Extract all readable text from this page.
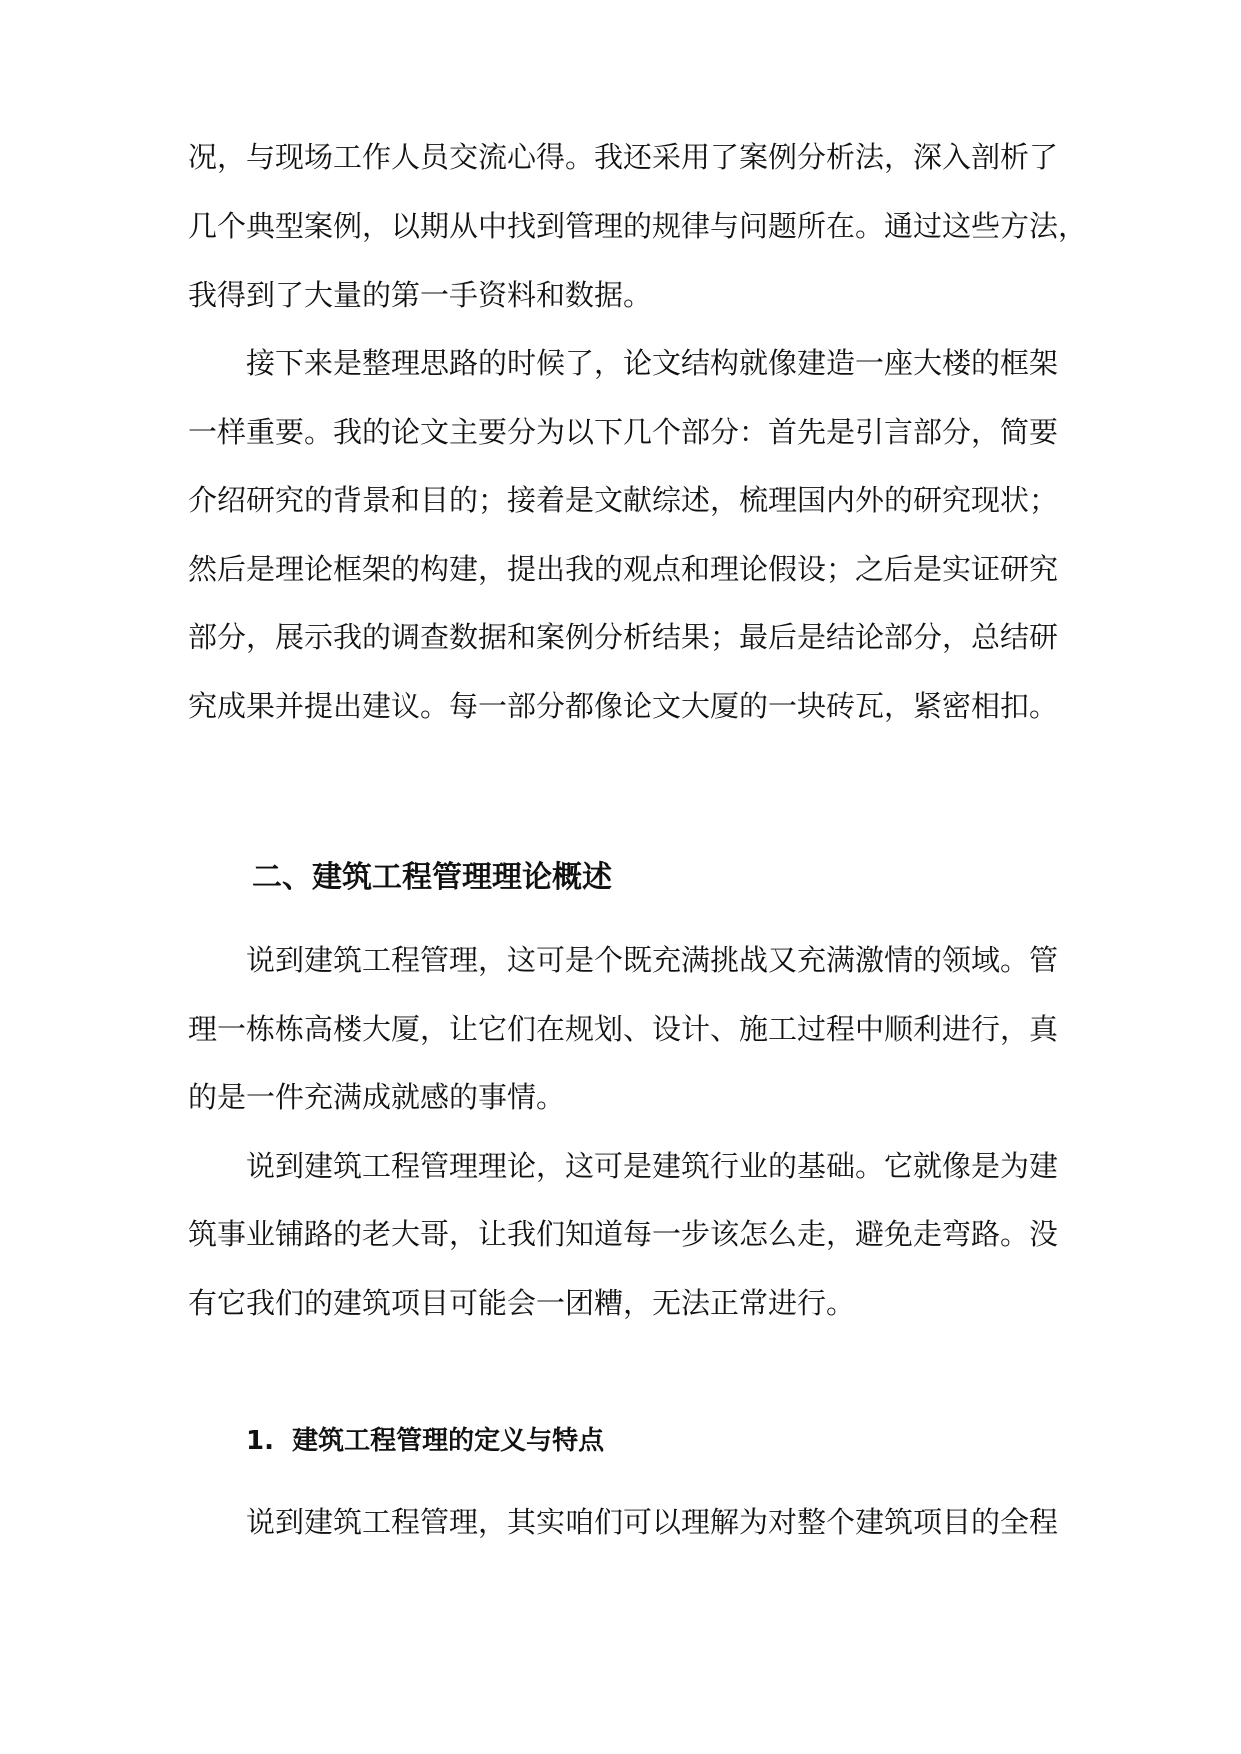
况，与现场工作人员交流心得。我还采用了案例分析法，深入剖析了
几个典型案例，以期从中找到管理的规律与问题所在。通过这些方法，
我得到了大量的第一手资料和数据。
接下来是整理思路的时候了，论文结构就像建造一座大楼的框架
一样重要。我的论文主要分为以下几个部分：首先是引言部分，简要
介绍研究的背景和目的；接着是文献综述，梳理国内外的研究现状；
然后是理论框架的构建，提出我的观点和理论假设；之后是实证研究
部分，展示我的调查数据和案例分析结果；最后是结论部分，总结研
究成果并提出建议。每一部分都像论文大厦的一块砖瓦，紧密相扣。
二、建筑工程管理理论概述
说到建筑工程管理，这可是个既充满挑战又充满激情的领域。管
理一栋栋高楼大厦，让它们在规划、设计、施工过程中顺利进行，真
的是一件充满成就感的事情。
说到建筑工程管理理论，这可是建筑行业的基础。它就像是为建
筑事业铺路的老大哥，让我们知道每一步该怎么走，避免走弯路。没
有它我们的建筑项目可能会一团糟，无法正常进行。
1.  建筑工程管理的定义与特点
说到建筑工程管理，其实咱们可以理解为对整个建筑项目的全程
